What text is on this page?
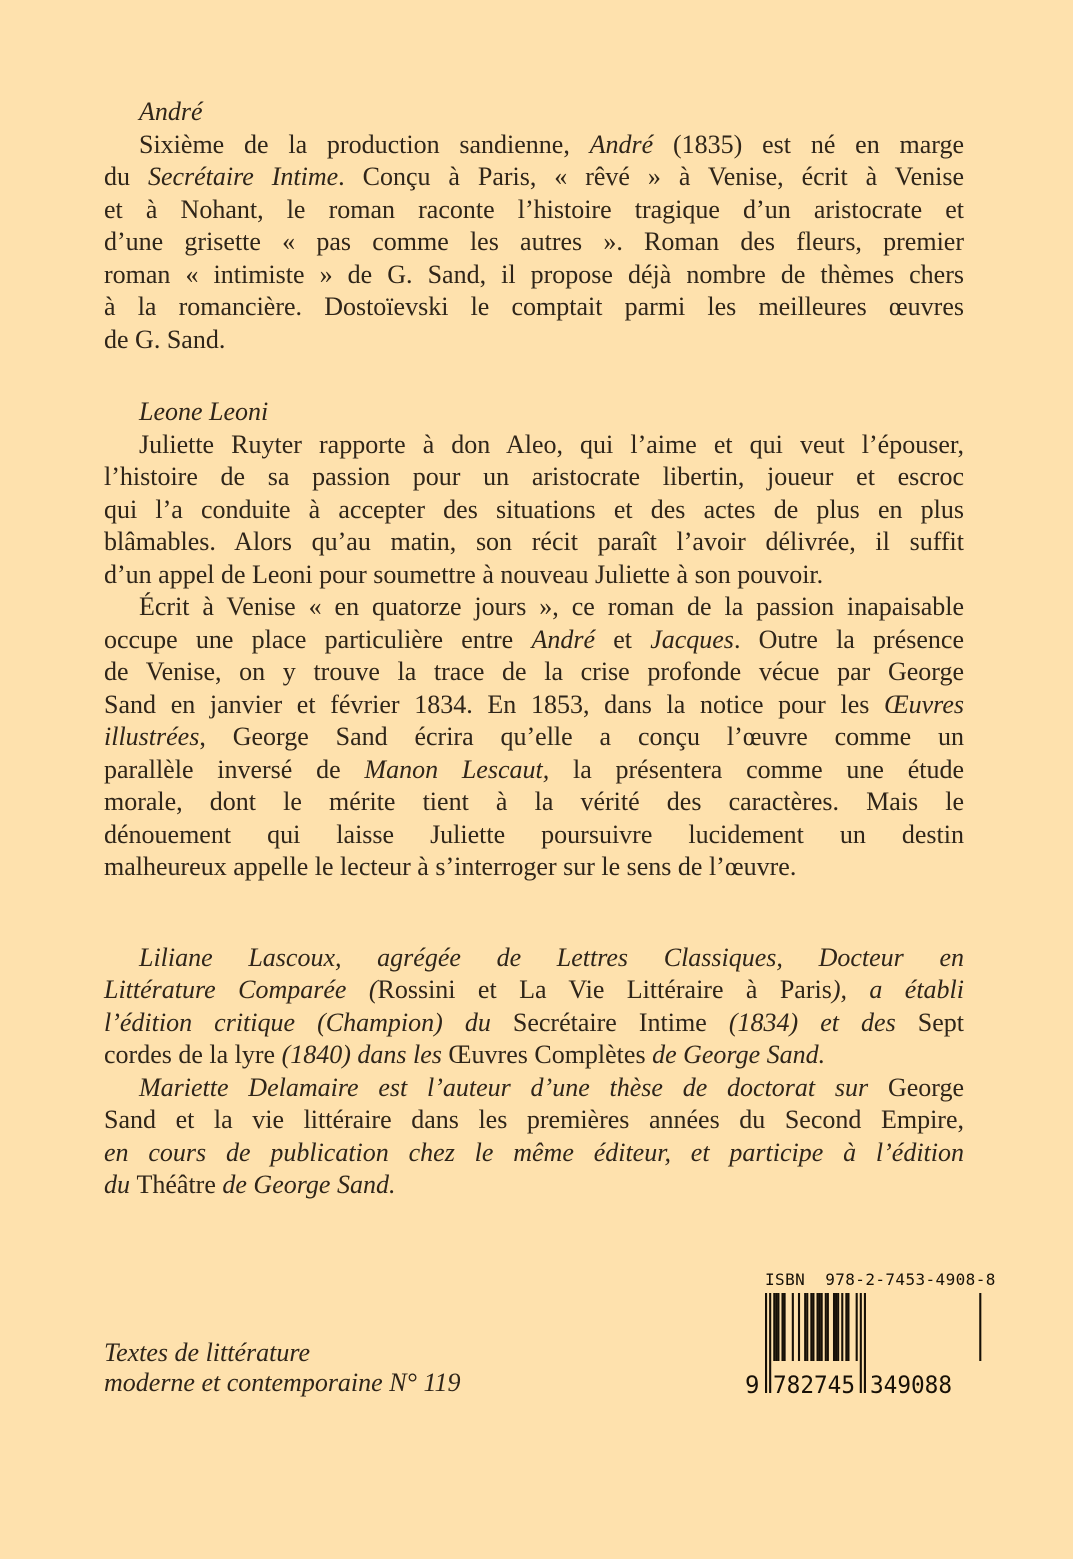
André
Sixième de la production sandienne, André (1835) est né en marge
du Secrétaire Intime. Conçu à Paris, « rêvé » à Venise, écrit à Venise
et à Nohant, le roman raconte l’histoire tragique d’un aristocrate et
d’une grisette « pas comme les autres ». Roman des fleurs, premier
roman « intimiste » de G. Sand, il propose déjà nombre de thèmes chers
à la romancière. Dostoïevski le comptait parmi les meilleures œuvres
de G. Sand.
Leone Leoni
Juliette Ruyter rapporte à don Aleo, qui l’aime et qui veut l’épouser,
l’histoire de sa passion pour un aristocrate libertin, joueur et escroc
qui l’a conduite à accepter des situations et des actes de plus en plus
blâmables. Alors qu’au matin, son récit paraît l’avoir délivrée, il suffit
d’un appel de Leoni pour soumettre à nouveau Juliette à son pouvoir.
Écrit à Venise « en quatorze jours », ce roman de la passion inapaisable
occupe une place particulière entre André et Jacques. Outre la présence
de Venise, on y trouve la trace de la crise profonde vécue par George
Sand en janvier et février 1834. En 1853, dans la notice pour les Œuvres
illustrées, George Sand écrira qu’elle a conçu l’œuvre comme un
parallèle inversé de Manon Lescaut, la présentera comme une étude
morale, dont le mérite tient à la vérité des caractères. Mais le
dénouement qui laisse Juliette poursuivre lucidement un destin
malheureux appelle le lecteur à s’interroger sur le sens de l’œuvre.
Liliane Lascoux, agrégée de Lettres Classiques, Docteur en
Littérature Comparée (Rossini et La Vie Littéraire à Paris), a établi
l’édition critique (Champion) du Secrétaire Intime (1834) et des Sept
cordes de la lyre (1840) dans les Œuvres Complètes de George Sand.
Mariette Delamaire est l’auteur d’une thèse de doctorat sur George
Sand et la vie littéraire dans les premières années du Second Empire,
en cours de publication chez le même éditeur, et participe à l’édition
du Théâtre de George Sand.
Textes de littérature
moderne et contemporaine N° 119
ISBN  978-2-7453-4908-8
9 782745 349088
